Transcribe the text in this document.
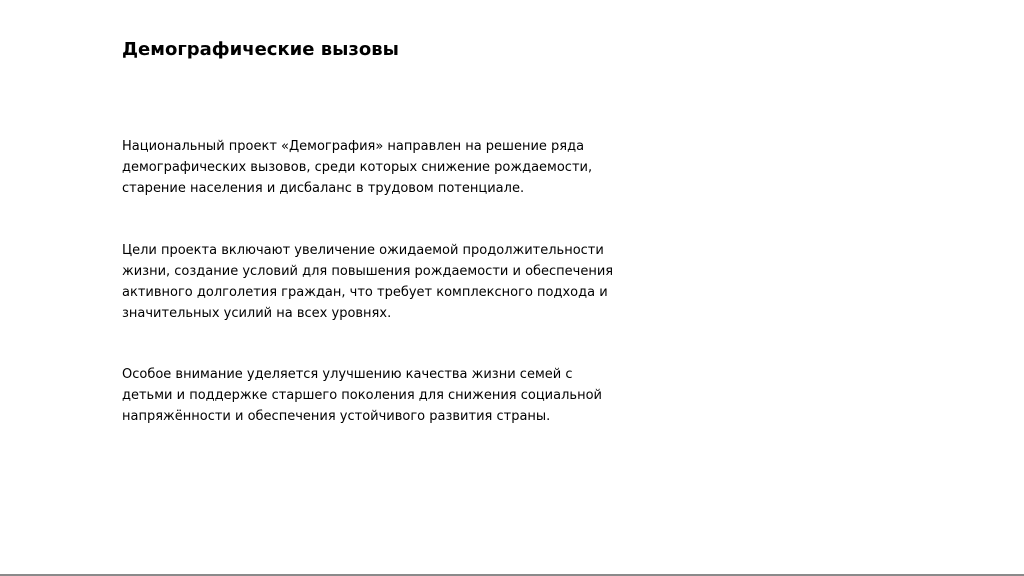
Демографические вызовы

Национальный проект «Демография» направлен на решение ряда
демографических вызовов, среди которых снижение рождаемости,
старение населения и дисбаланс в трудовом потенциале.

Цели проекта включают увеличение ожидаемой продолжительности
жизни, создание условий для повышения рождаемости и обеспечения
активного долголетия граждан, что требует комплексного подхода и
значительных усилий на всех уровнях.

Особое внимание уделяется улучшению качества жизни семей с
детьми и поддержке старшего поколения для снижения социальной
напряжённости и обеспечения устойчивого развития страны.
